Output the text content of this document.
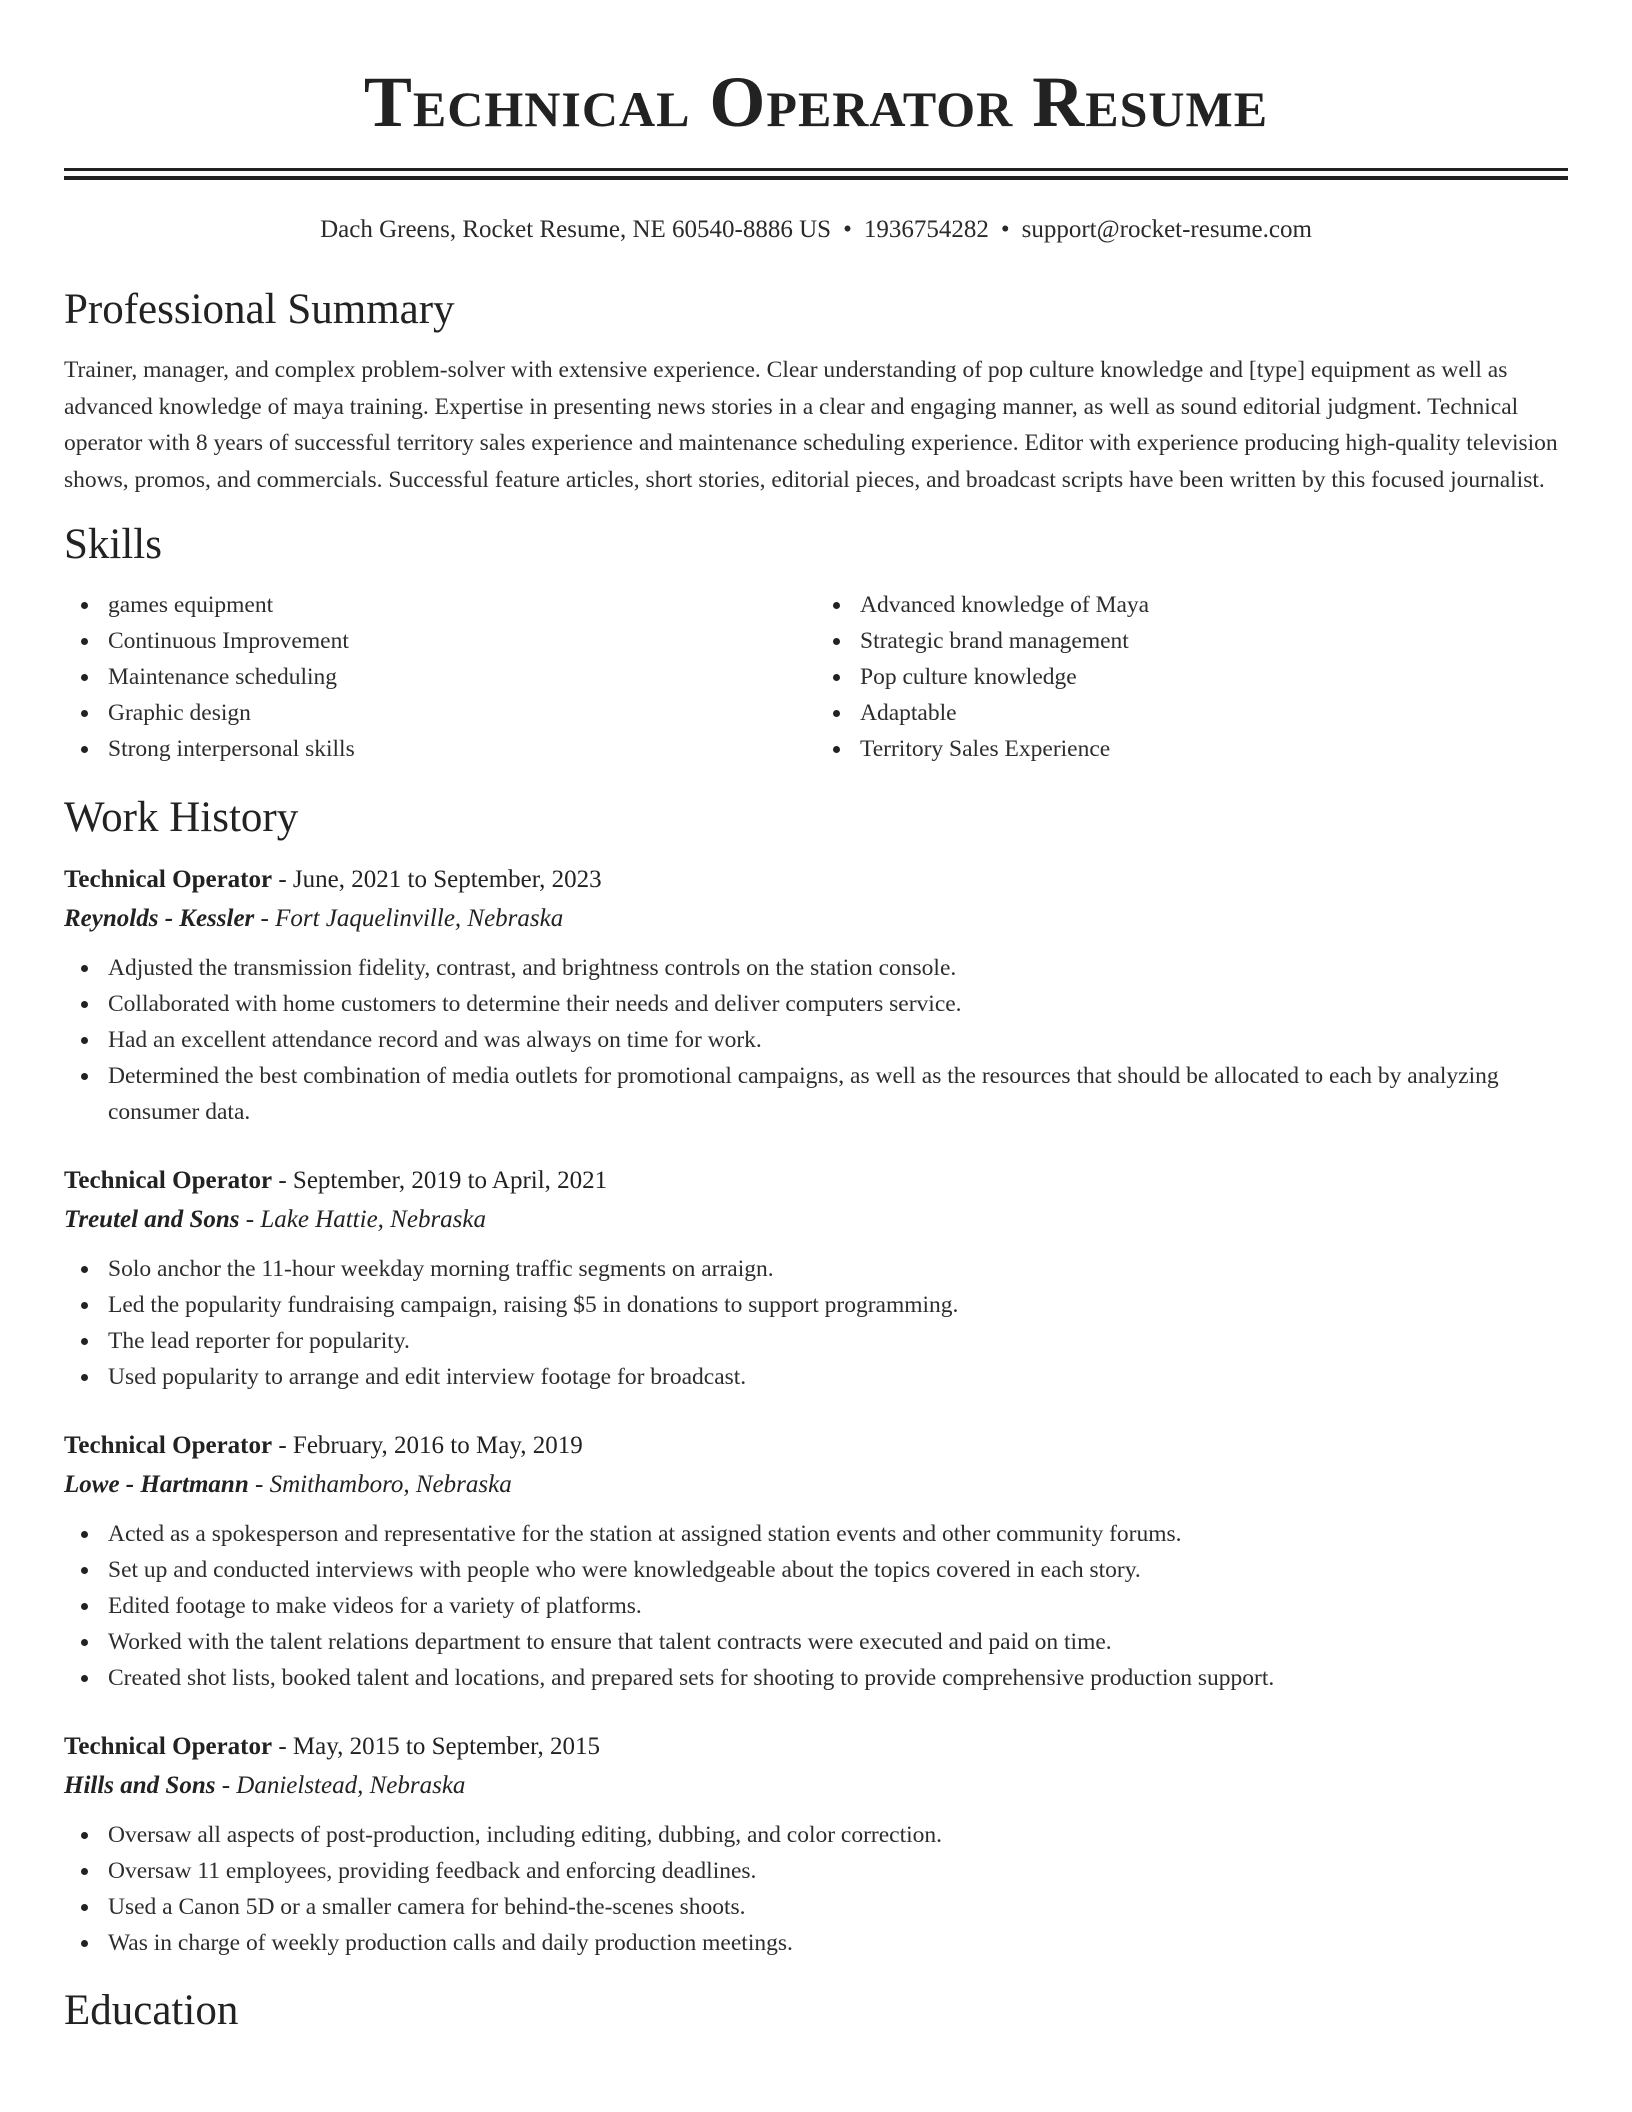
Technical Operator Resume
Dach Greens, Rocket Resume, NE 60540-8886 US • 1936754282 • support@rocket-resume.com
Professional Summary

Trainer, manager, and complex problem-solver with extensive experience. Clear understanding of pop culture knowledge and [type] equipment as well as advanced knowledge of maya training. Expertise in presenting news stories in a clear and engaging manner, as well as sound editorial judgment. Technical operator with 8 years of successful territory sales experience and maintenance scheduling experience. Editor with experience producing high-quality television shows, promos, and commercials. Successful feature articles, short stories, editorial pieces, and broadcast scripts have been written by this focused journalist.

Skills
games equipment
Continuous Improvement
Maintenance scheduling
Graphic design
Strong interpersonal skills
Advanced knowledge of Maya
Strategic brand management
Pop culture knowledge
Adaptable
Territory Sales Experience
Work History
Technical Operator - June, 2021 to September, 2023
Reynolds - Kessler - Fort Jaquelinville, Nebraska
Adjusted the transmission fidelity, contrast, and brightness controls on the station console.
Collaborated with home customers to determine their needs and deliver computers service.
Had an excellent attendance record and was always on time for work.
Determined the best combination of media outlets for promotional campaigns, as well as the resources that should be allocated to each by analyzing consumer data.
Technical Operator - September, 2019 to April, 2021
Treutel and Sons - Lake Hattie, Nebraska
Solo anchor the 11-hour weekday morning traffic segments on arraign.
Led the popularity fundraising campaign, raising $5 in donations to support programming.
The lead reporter for popularity.
Used popularity to arrange and edit interview footage for broadcast.
Technical Operator - February, 2016 to May, 2019
Lowe - Hartmann - Smithamboro, Nebraska
Acted as a spokesperson and representative for the station at assigned station events and other community forums.
Set up and conducted interviews with people who were knowledgeable about the topics covered in each story.
Edited footage to make videos for a variety of platforms.
Worked with the talent relations department to ensure that talent contracts were executed and paid on time.
Created shot lists, booked talent and locations, and prepared sets for shooting to provide comprehensive production support.
Technical Operator - May, 2015 to September, 2015
Hills and Sons - Danielstead, Nebraska
Oversaw all aspects of post-production, including editing, dubbing, and color correction.
Oversaw 11 employees, providing feedback and enforcing deadlines.
Used a Canon 5D or a smaller camera for behind-the-scenes shoots.
Was in charge of weekly production calls and daily production meetings.
Education
